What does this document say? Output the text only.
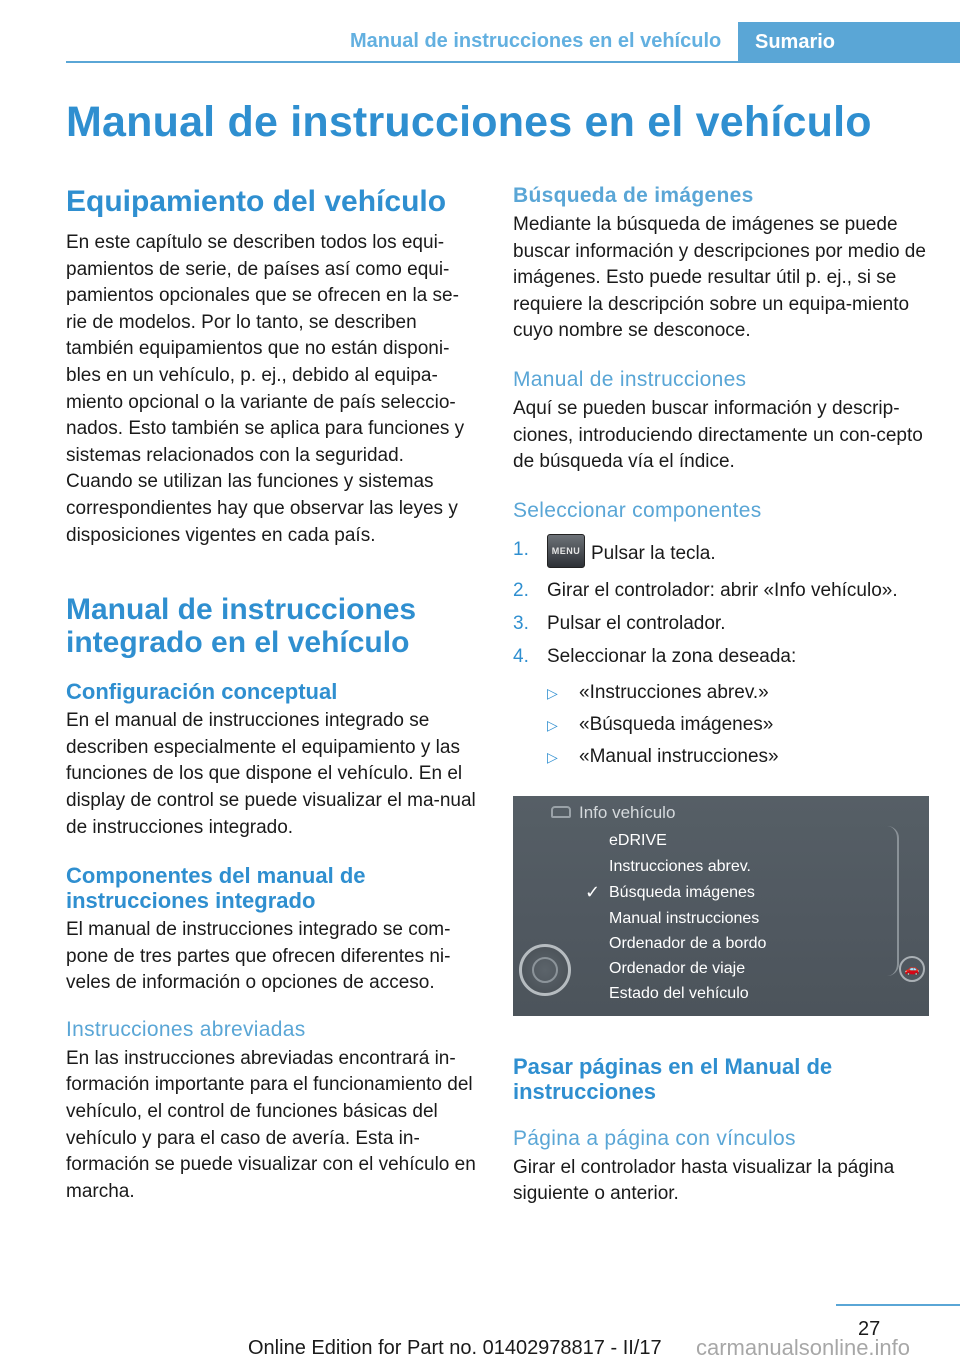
Manual de instrucciones en el vehículo	Sumario
Manual de instrucciones en el vehículo
Equipamiento del vehículo

En este capítulo se describen todos los equi-pamientos de serie, de países así como equi-pamientos opcionales que se ofrecen en la se-rie de modelos. Por lo tanto, se describen también equipamientos que no están disponi-bles en un vehículo, p. ej., debido al equipa-miento opcional o la variante de país seleccio-nados. Esto también se aplica para funciones y sistemas relacionados con la seguridad.

Cuando se utilizan las funciones y sistemas correspondientes hay que observar las leyes y disposiciones vigentes en cada país.

Manual de instrucciones integrado en el vehículo
Configuración conceptual

En el manual de instrucciones integrado se describen especialmente el equipamiento y las funciones de los que dispone el vehículo. En el display de control se puede visualizar el ma-nual de instrucciones integrado.

Componentes del manual de instrucciones integrado

El manual de instrucciones integrado se com-pone de tres partes que ofrecen diferentes ni-veles de información o opciones de acceso.

Instrucciones abreviadas

En las instrucciones abreviadas encontrará in-formación importante para el funcionamiento del vehículo, el control de funciones básicas del vehículo y para el caso de avería. Esta in-formación se puede visualizar con el vehículo en marcha.

Búsqueda de imágenes

Mediante la búsqueda de imágenes se puede buscar información y descripciones por medio de imágenes. Esto puede resultar útil p. ej., si se requiere la descripción sobre un equipa-miento cuyo nombre se desconoce.

Manual de instrucciones

Aquí se pueden buscar información y descrip-ciones, introduciendo directamente un con-cepto de búsqueda vía el índice.

Seleccionar componentes
1.	MENU Pulsar la tecla.
2. Girar el controlador: abrir «Info vehículo».
3. Pulsar el controlador.
4. Seleccionar la zona deseada:
▷ «Instrucciones abrev.»
▷ «Búsqueda imágenes»
▷ «Manual instrucciones»
Info vehículo
eDRIVE
Instrucciones abrev.
✓ Búsqueda imágenes
Manual instrucciones
Ordenador de a bordo
Ordenador de viaje
Estado del vehículo
🚗
Pasar páginas en el Manual de instrucciones
Página a página con vínculos

Girar el controlador hasta visualizar la página siguiente o anterior.

27
Online Edition for Part no. 01402978817 - II/17 carmanualsonline.info
